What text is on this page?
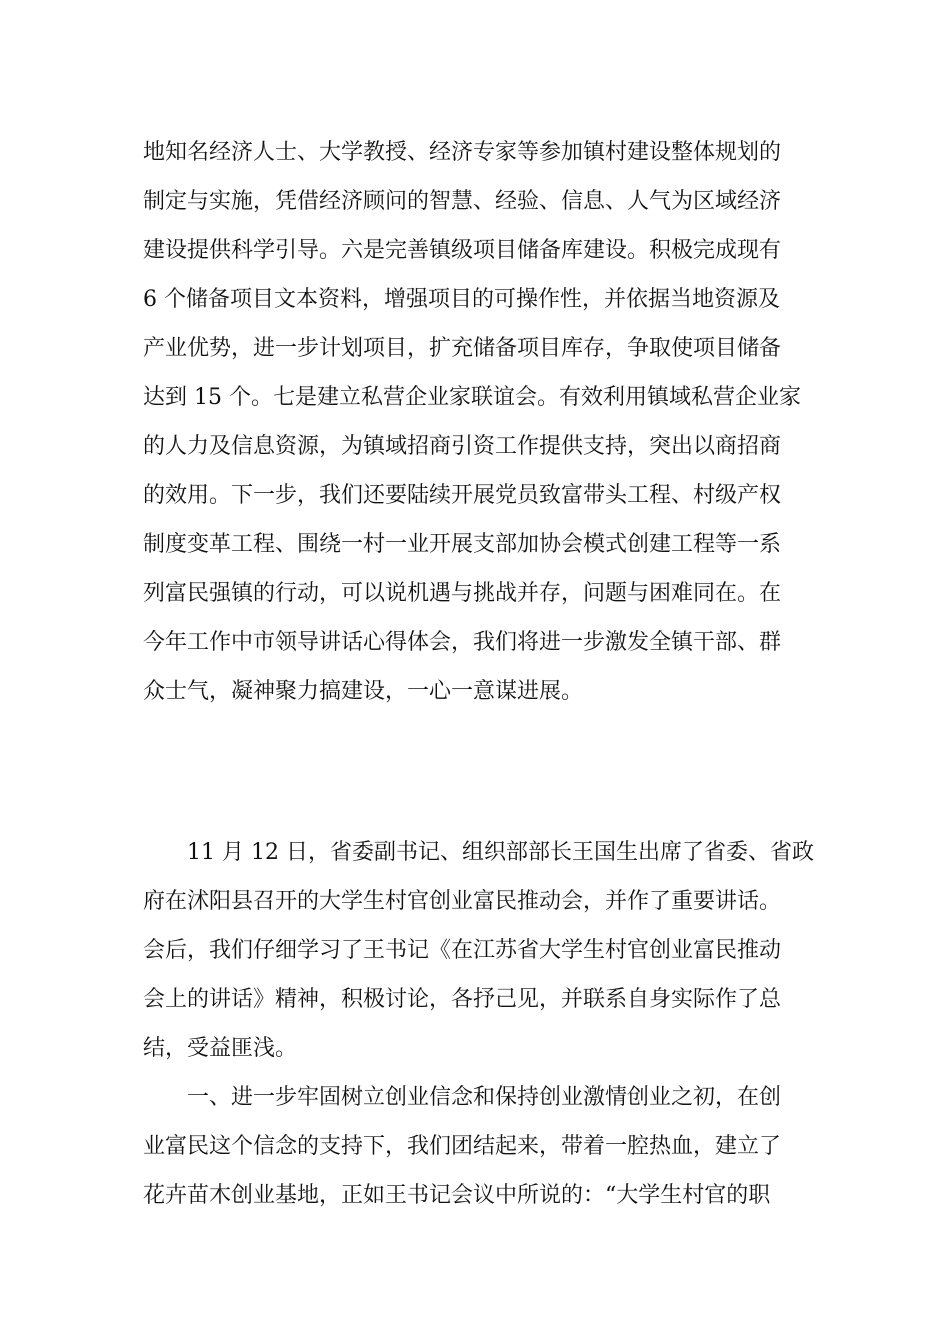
地知名经济人士、大学教授、经济专家等参加镇村建设整体规划的
制定与实施，凭借经济顾问的智慧、经验、信息、人气为区域经济
建设提供科学引导。六是完善镇级项目储备库建设。积极完成现有
6 个储备项目文本资料，增强项目的可操作性，并依据当地资源及
产业优势，进一步计划项目，扩充储备项目库存，争取使项目储备
达到 15 个。七是建立私营企业家联谊会。有效利用镇域私营企业家
的人力及信息资源，为镇域招商引资工作提供支持，突出以商招商
的效用。下一步，我们还要陆续开展党员致富带头工程、村级产权
制度变革工程、围绕一村一业开展支部加协会模式创建工程等一系
列富民强镇的行动，可以说机遇与挑战并存，问题与困难同在。在
今年工作中市领导讲话心得体会，我们将进一步激发全镇干部、群
众士气，凝神聚力搞建设，一心一意谋进展。
　　11 月 12 日，省委副书记、组织部部长王国生出席了省委、省政
府在沭阳县召开的大学生村官创业富民推动会，并作了重要讲话。
会后，我们仔细学习了王书记《在江苏省大学生村官创业富民推动
会上的讲话》精神，积极讨论，各抒己见，并联系自身实际作了总
结，受益匪浅。
　　一、进一步牢固树立创业信念和保持创业激情创业之初，在创
业富民这个信念的支持下，我们团结起来，带着一腔热血，建立了
花卉苗木创业基地，正如王书记会议中所说的：“大学生村官的职
